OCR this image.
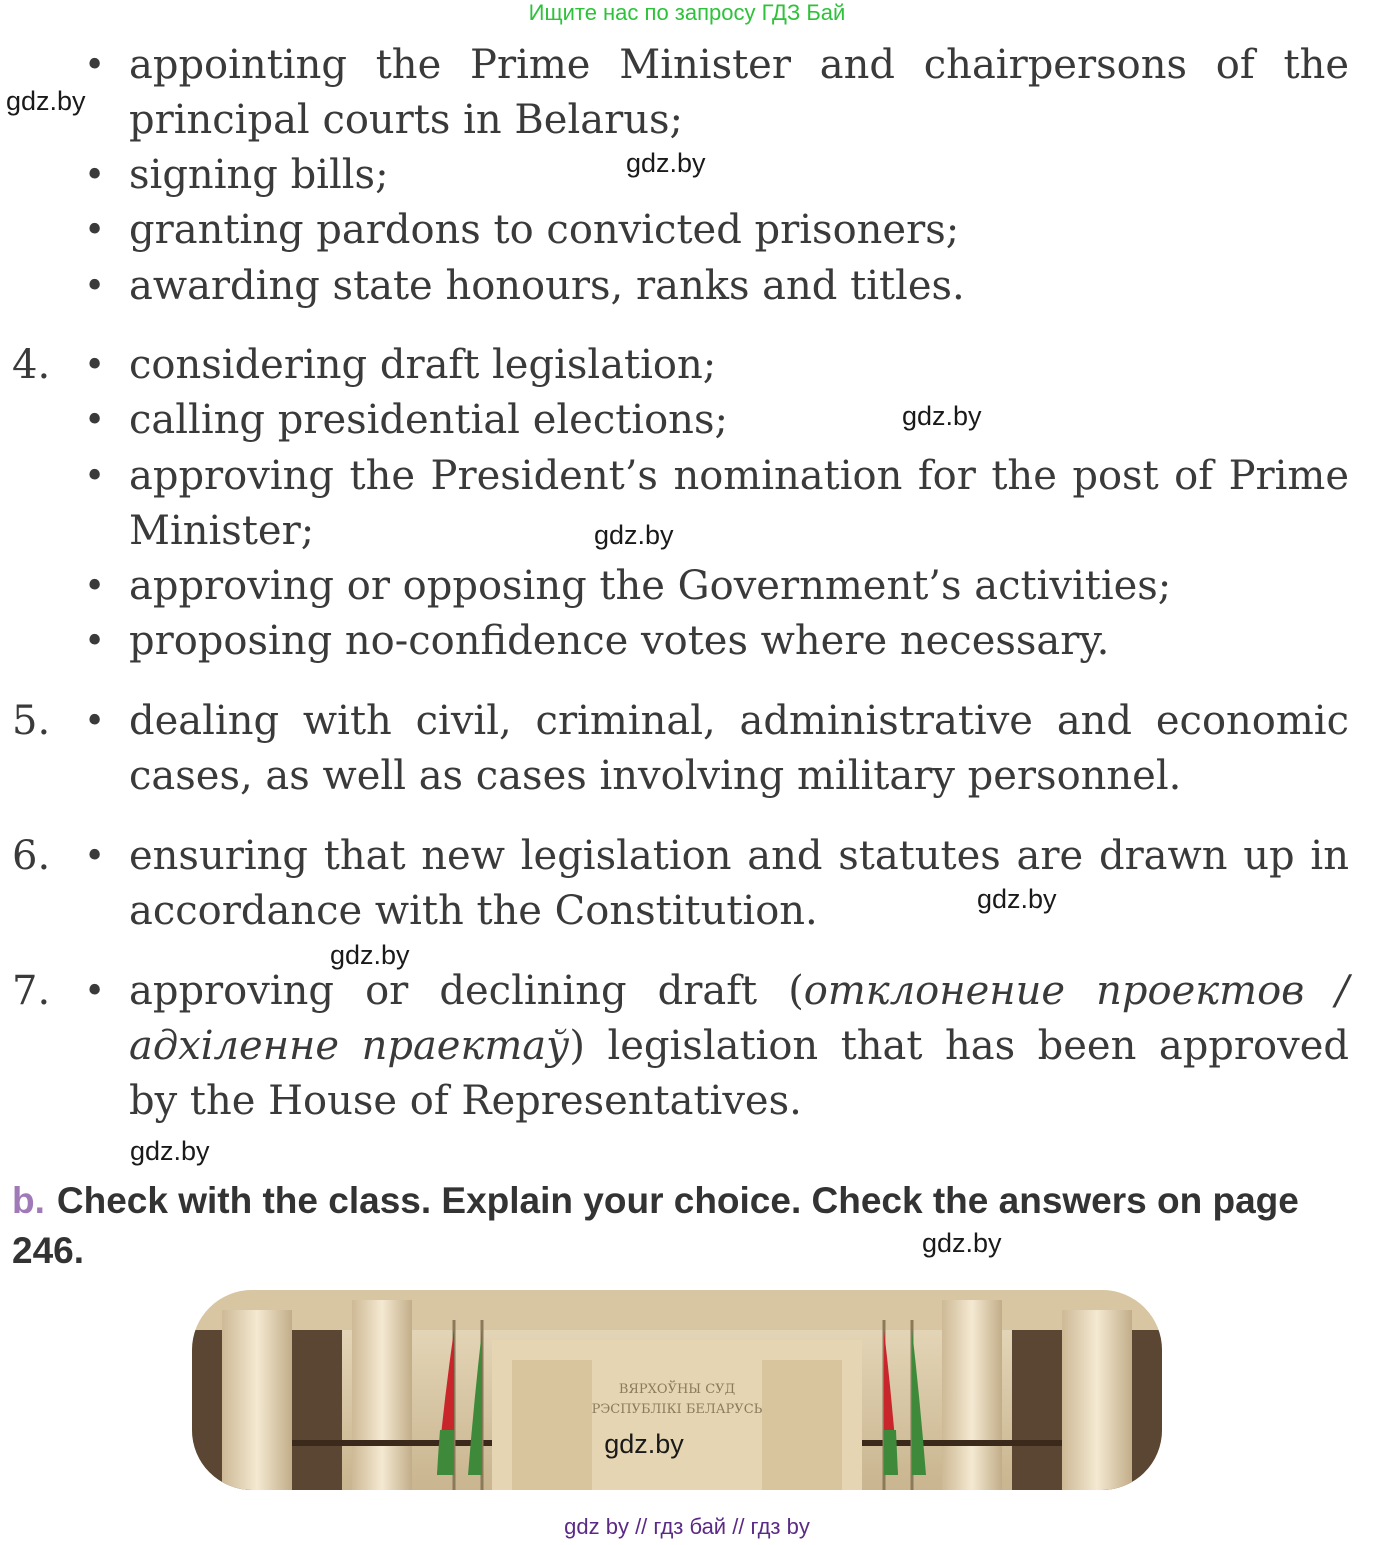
Ищите нас по запросу ГДЗ Бай
• appointing the Prime Minister and chairpersons of the principal courts in Belarus;
• signing bills;
• granting pardons to convicted prisoners;
• awarding state honours, ranks and titles.
4. • considering draft legislation;
• calling presidential elections;
• approving the President’s nomination for the post of Prime Minister;
• approving or opposing the Government’s activities;
• proposing no-confidence votes where necessary.
5. • dealing with civil, criminal, administrative and economic cases, as well as cases involving military personnel.
6. • ensuring that new legislation and statutes are drawn up in accordance with the Constitution.
7. • approving or declining draft (отклонение проектов / адхіленне праектаў) legislation that has been approved by the House of Representatives.
gdz.by
gdz.by
gdz.by
gdz.by
gdz.by
gdz.by
gdz.by
gdz.by
b. Check with the class. Explain your choice. Check the answers on page 246.
ВЯРХОЎНЫ СУД
РЭСПУБЛІКІ БЕЛАРУСЬ
gdz.by
gdz by // гдз бай // гдз by
